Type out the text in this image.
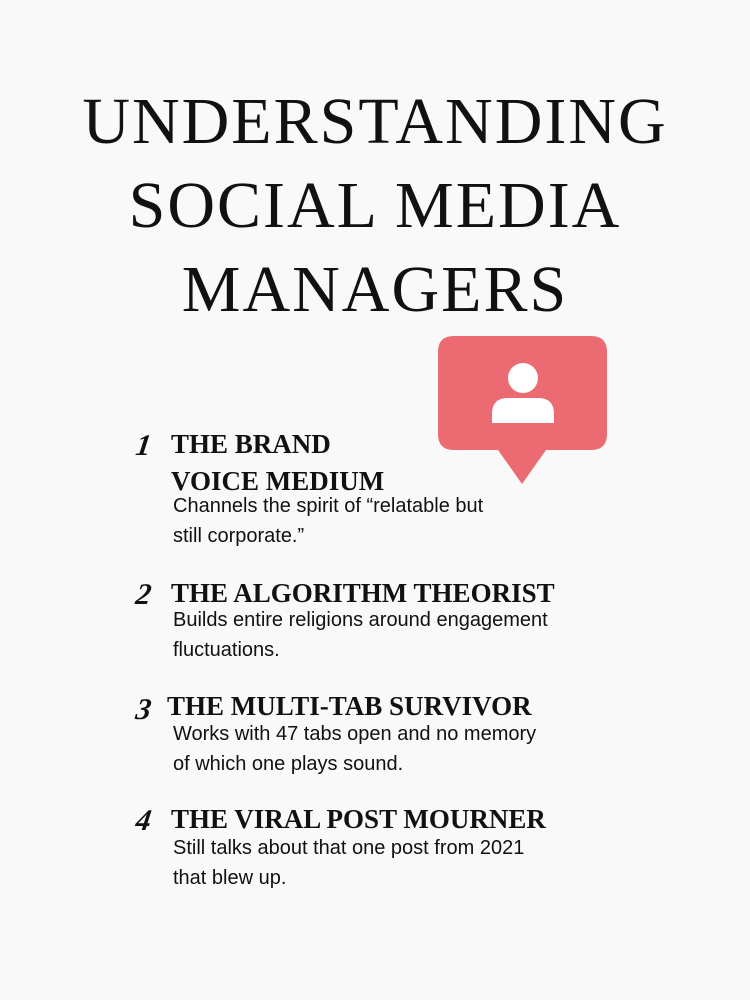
UNDERSTANDING
SOCIAL MEDIA
MANAGERS
1 THE BRAND
VOICE MEDIUM
Channels the spirit of “relatable but
still corporate.”
2 THE ALGORITHM THEORIST
Builds entire religions around engagement
fluctuations.
3 THE MULTI-TAB SURVIVOR
Works with 47 tabs open and no memory
of which one plays sound.
4 THE VIRAL POST MOURNER
Still talks about that one post from 2021
that blew up.
